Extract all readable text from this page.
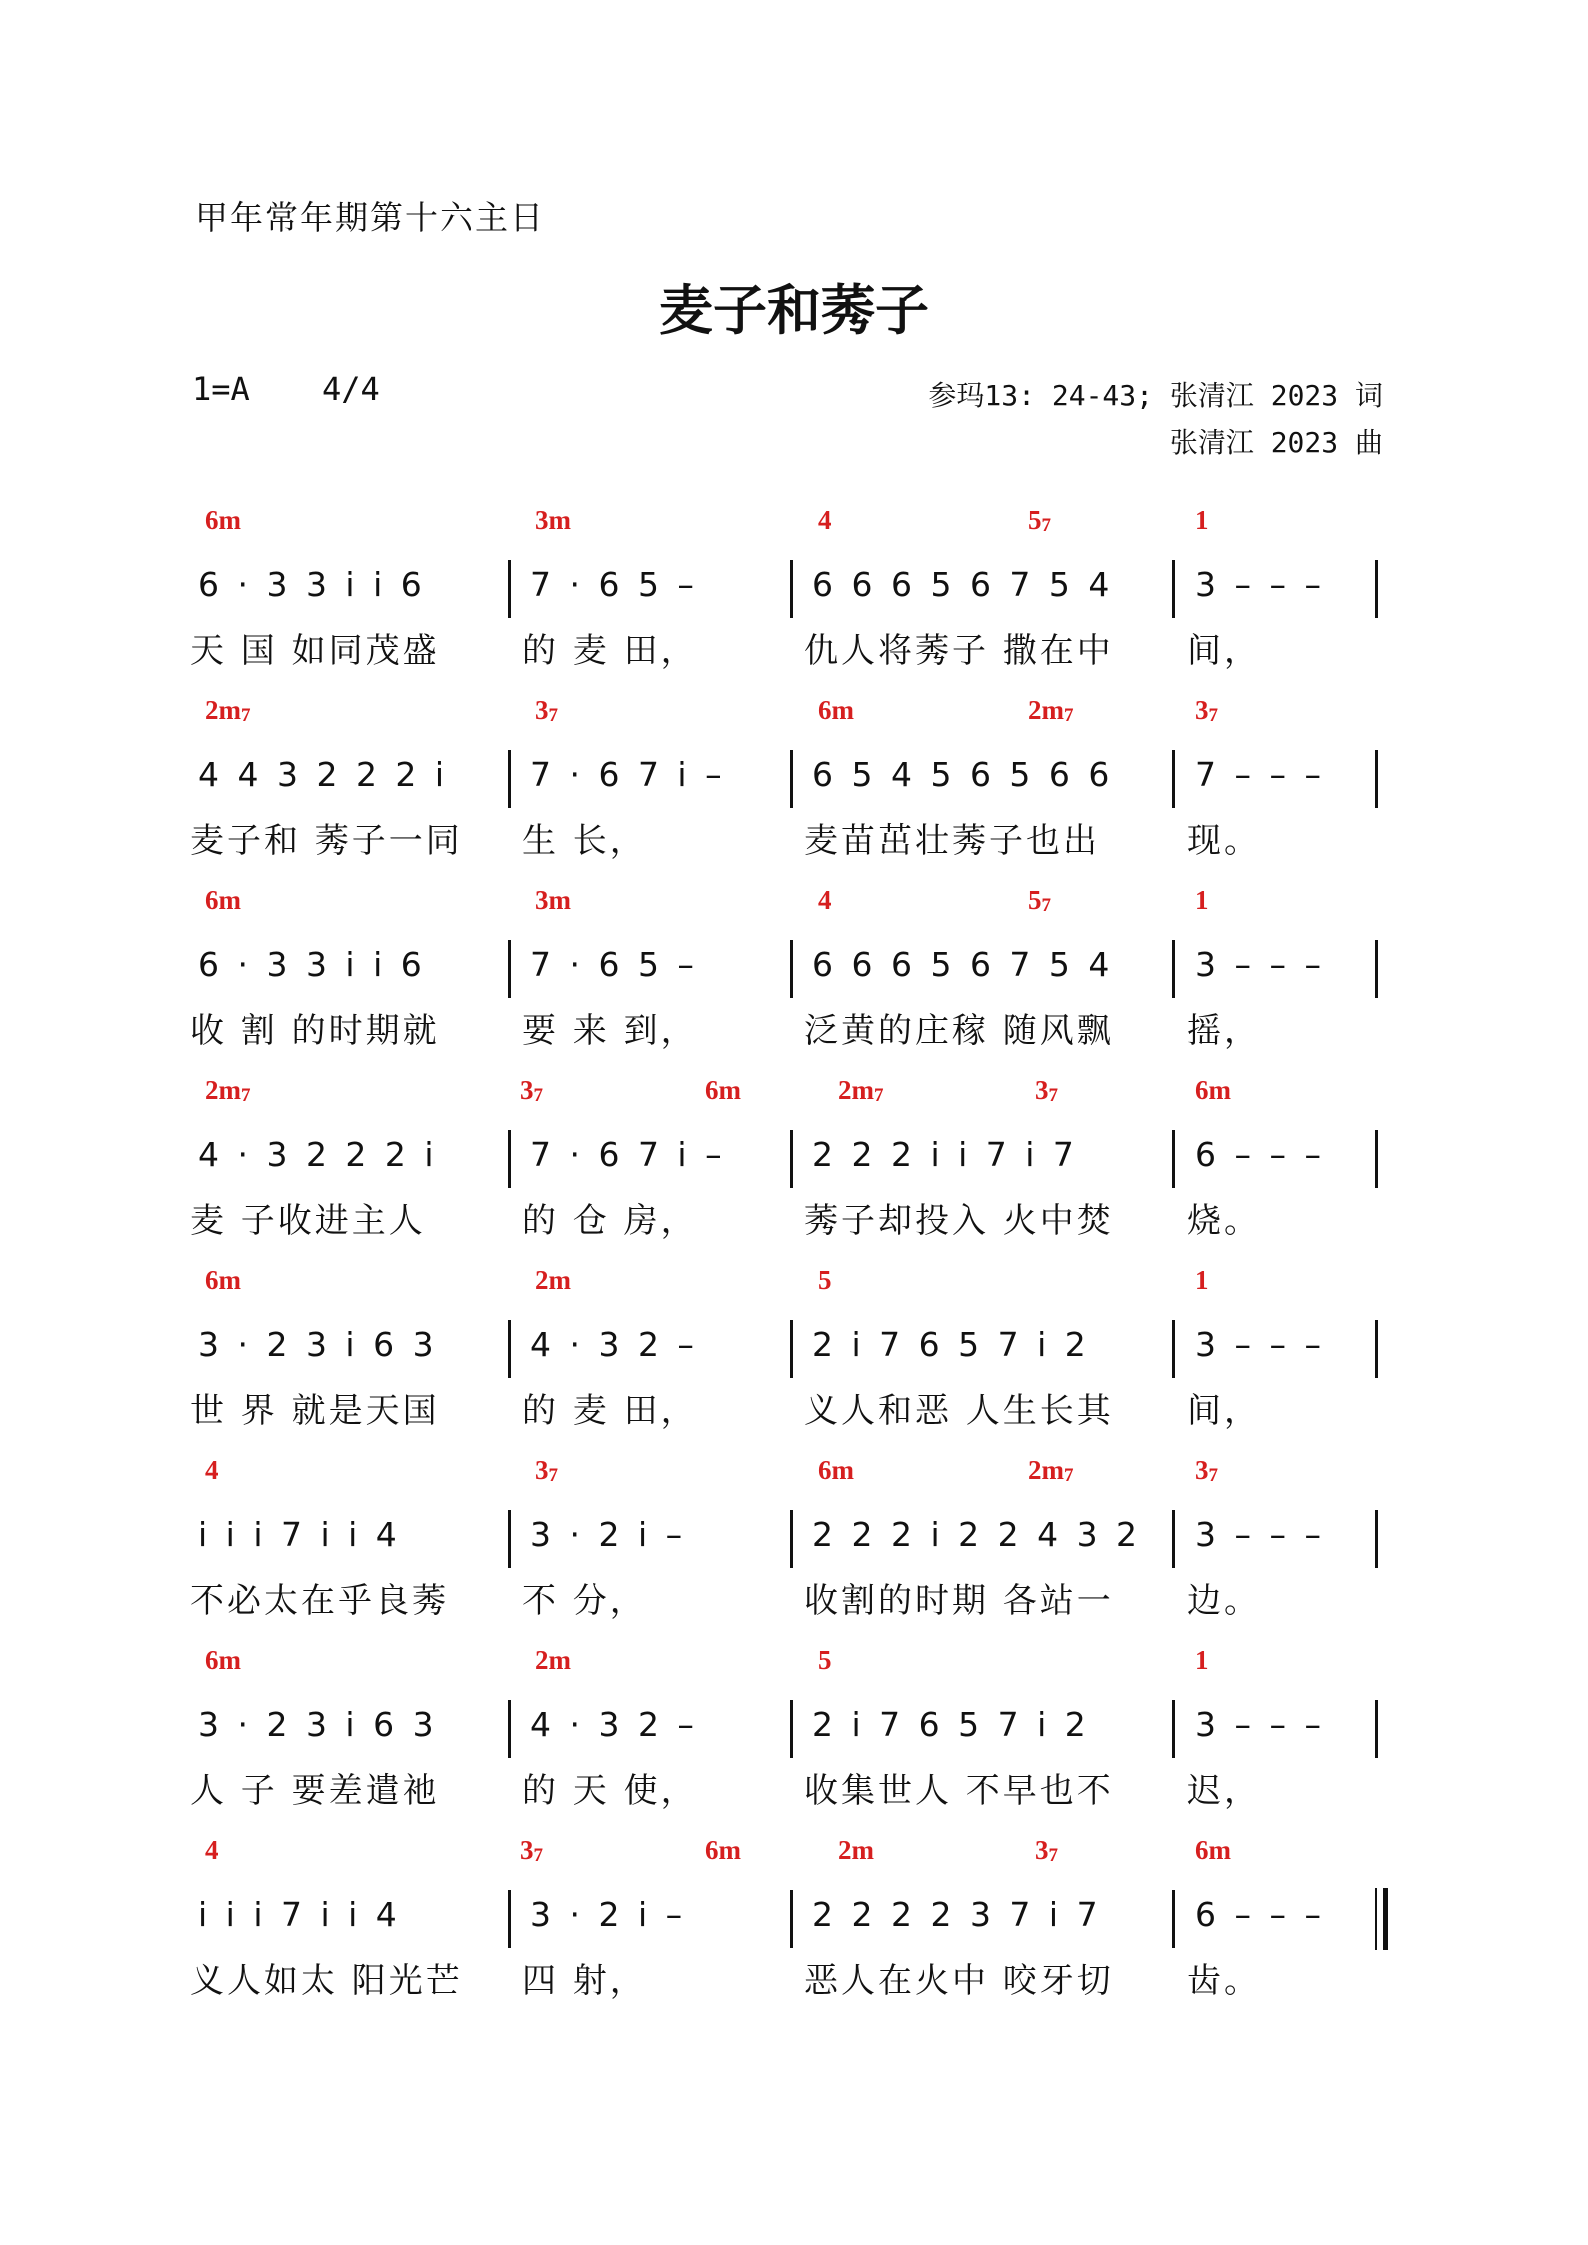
甲年常年期第十六主日
麦子和莠子
1=A 4/4	参玛13: 24-43; 张清江 2023 词
张清江 2023 曲
6m	3m	4	$5_7$	1
6 · 3 3 i i 6
天 国 如同茂盛
7 · 6 5 –
的 麦 田，
6 6 6 5 6 7 5 4
仇人将莠子 撒在中
3 – – –
间，
$2m_7$	$3_7$	6m	$2m_7$	$3_7$
4 4 3 2 2 2 i
麦子和 莠子一同
7 · 6 7 i –
生 长，
6 5 4 5 6 5 6 6
麦苗茁壮莠子也出
7 – – –
现。
6m	3m	4	$5_7$	1
6 · 3 3 i i 6
收 割 的时期就
7 · 6 5 –
要 来 到，
6 6 6 5 6 7 5 4
泛黄的庄稼 随风飘
3 – – –
摇，
$2m_7$	$3_7$	6m	$2m_7$	$3_7$	6m
4 · 3 2 2 2 i
麦 子收进主人
7 · 6 7 i –
的 仓 房，
2 2 2 i i 7 i 7
莠子却投入 火中焚
6 – – –
烧。
6m	2m	5	1
3 · 2 3 i 6 3
世 界 就是天国
4 · 3 2 –
的 麦 田，
2 i 7 6 5 7 i 2
义人和恶 人生长其
3 – – –
间，
4	$3_7$	6m	$2m_7$	$3_7$
i i i 7 i i 4
不必太在乎良莠
3 · 2 i –
不 分，
2 2 2 i 2 2 4 3 2
收割的时期 各站一
3 – – –
边。
6m	2m	5	1
3 · 2 3 i 6 3
人 子 要差遣祂
4 · 3 2 –
的 天 使，
2 i 7 6 5 7 i 2
收集世人 不早也不
3 – – –
迟，
4	$3_7$	6m	2m	$3_7$	6m
i i i 7 i i 4
义人如太 阳光芒
3 · 2 i –
四 射，
2 2 2 2 3 7 i 7
恶人在火中 咬牙切
6 – – –
齿。
